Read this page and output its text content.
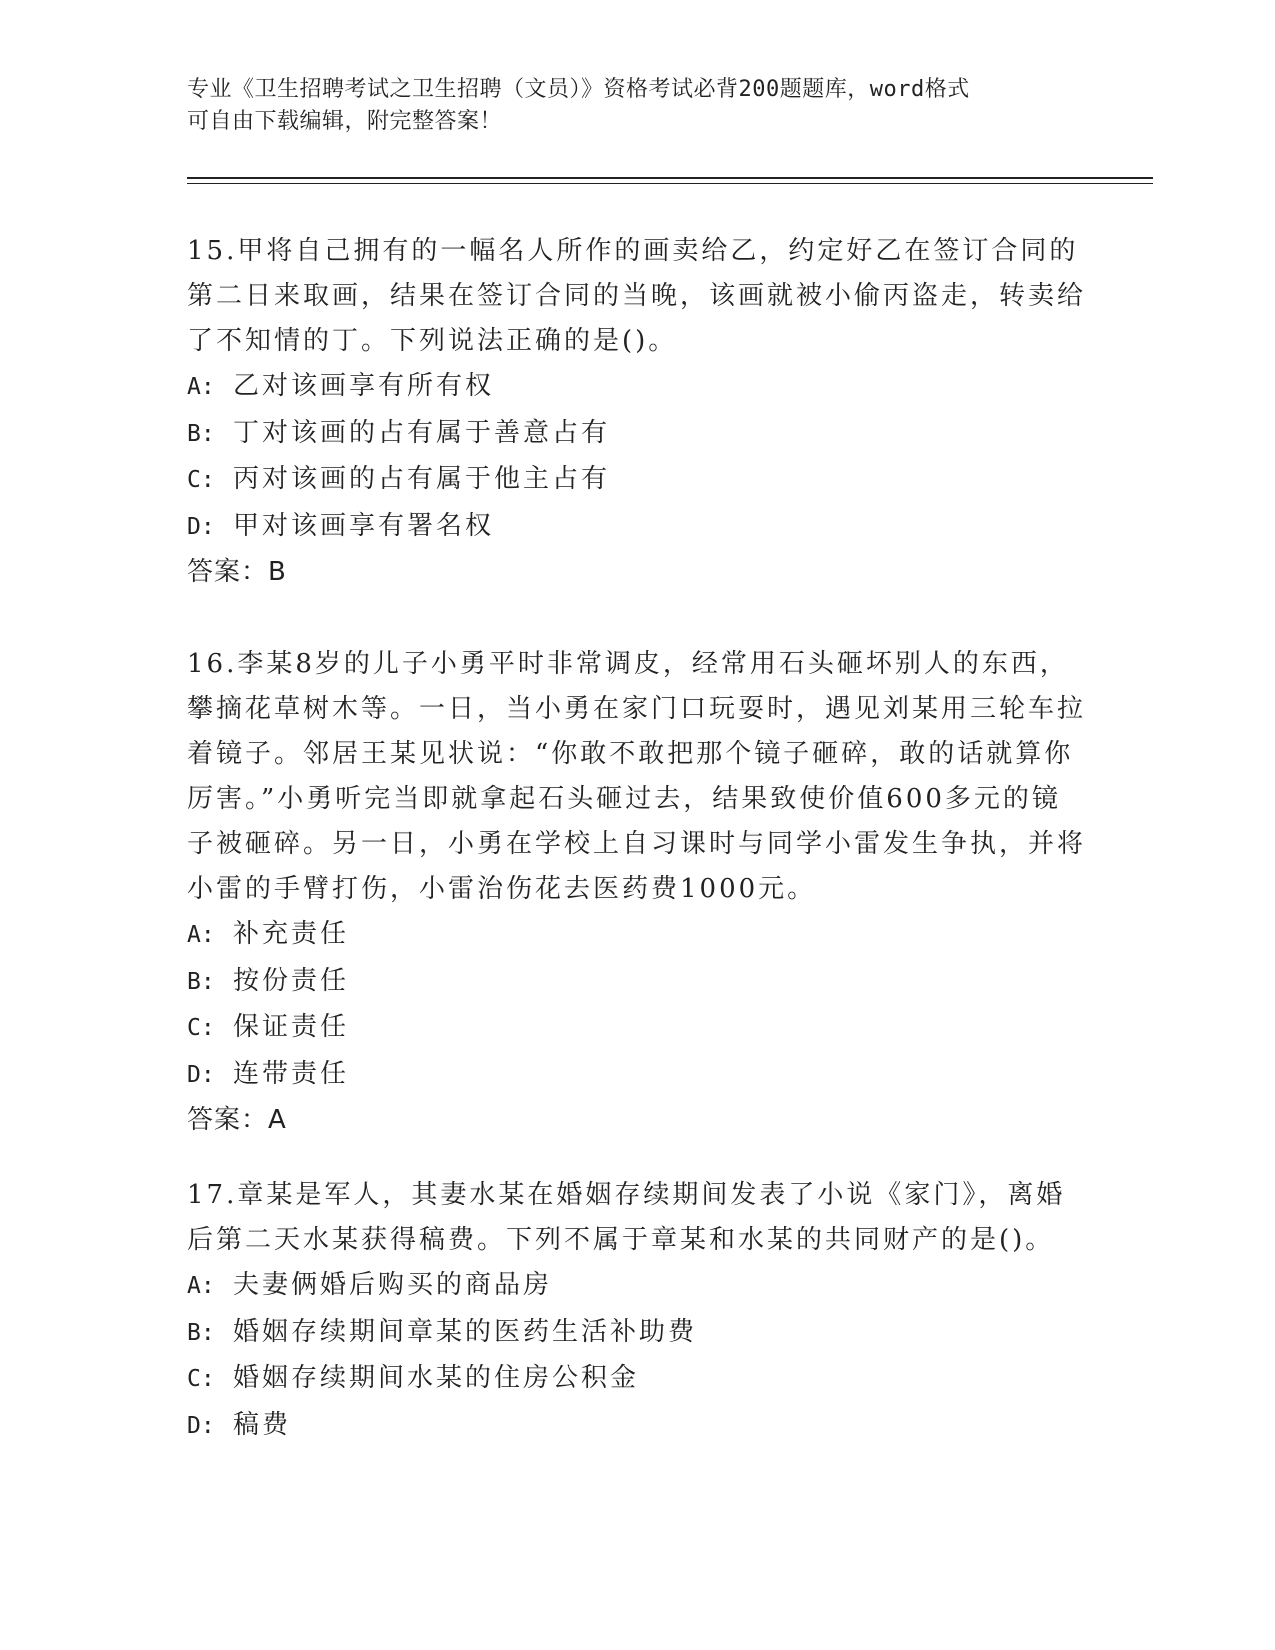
专业《卫生招聘考试之卫生招聘（文员）》资格考试必背200题题库，word格式

可自由下载编辑，附完整答案！

15.甲将自己拥有的一幅名人所作的画卖给乙，约定好乙在签订合同的第二日来取画，结果在签订合同的当晚，该画就被小偷丙盗走，转卖给了不知情的丁。下列说法正确的是()。

A: 乙对该画享有所有权

B: 丁对该画的占有属于善意占有

C: 丙对该画的占有属于他主占有

D: 甲对该画享有署名权

答案：B

16.李某8岁的儿子小勇平时非常调皮，经常用石头砸坏别人的东西，攀摘花草树木等。一日，当小勇在家门口玩耍时，遇见刘某用三轮车拉着镜子。邻居王某见状说：“你敢不敢把那个镜子砸碎，敢的话就算你厉害。”小勇听完当即就拿起石头砸过去，结果致使价值600多元的镜子被砸碎。另一日，小勇在学校上自习课时与同学小雷发生争执，并将小雷的手臂打伤，小雷治伤花去医药费1000元。

A: 补充责任

B: 按份责任

C: 保证责任

D: 连带责任

答案：A

17.章某是军人，其妻水某在婚姻存续期间发表了小说《家门》，离婚后第二天水某获得稿费。下列不属于章某和水某的共同财产的是()。

A: 夫妻俩婚后购买的商品房

B: 婚姻存续期间章某的医药生活补助费

C: 婚姻存续期间水某的住房公积金

D: 稿费
